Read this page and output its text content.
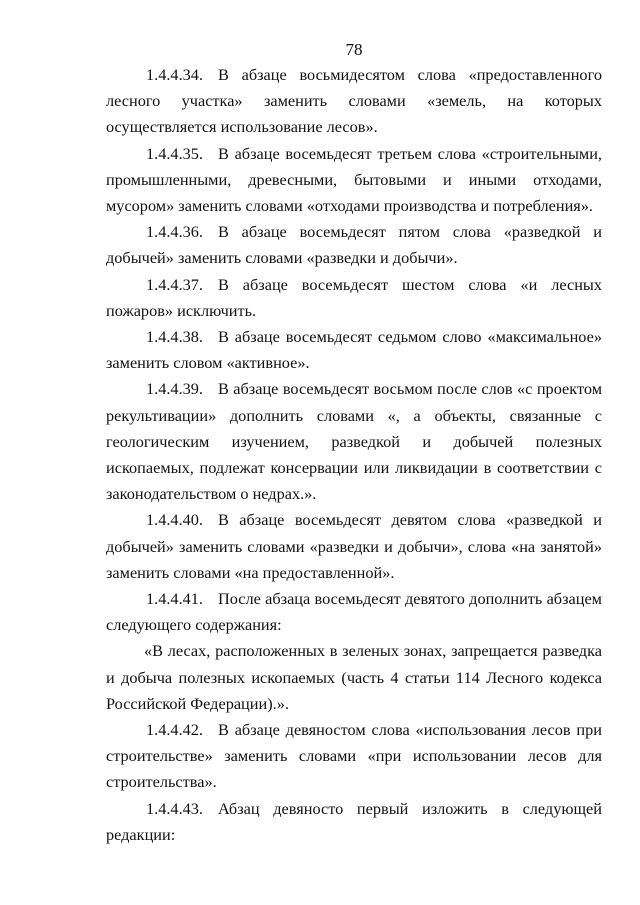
78

1.4.4.34. В абзаце восьмидесятом слова «предоставленного лесного участка» заменить словами «земель, на которых осуществляется использование лесов».

1.4.4.35. В абзаце восемьдесят третьем слова «строительными, промышленными, древесными, бытовыми и иными отходами, мусором» заменить словами «отходами производства и потребления».

1.4.4.36. В абзаце восемьдесят пятом слова «разведкой и добычей» заменить словами «разведки и добычи».

1.4.4.37. В абзаце восемьдесят шестом слова «и лесных пожаров» исключить.

1.4.4.38. В абзаце восемьдесят седьмом слово «максимальное» заменить словом «активное».

1.4.4.39. В абзаце восемьдесят восьмом после слов «с проектом рекультивации» дополнить словами «, а объекты, связанные с геологическим изучением, разведкой и добычей полезных ископаемых, подлежат консервации или ликвидации в соответствии с законодательством о недрах.».

1.4.4.40. В абзаце восемьдесят девятом слова «разведкой и добычей» заменить словами «разведки и добычи», слова «на занятой» заменить словами «на предоставленной».

1.4.4.41. После абзаца восемьдесят девятого дополнить абзацем следующего содержания:

«В лесах, расположенных в зеленых зонах, запрещается разведка и добыча полезных ископаемых (часть 4 статьи 114 Лесного кодекса Российской Федерации).».

1.4.4.42. В абзаце девяностом слова «использования лесов при строительстве» заменить словами «при использовании лесов для строительства».

1.4.4.43. Абзац девяносто первый изложить в следующей редакции:
